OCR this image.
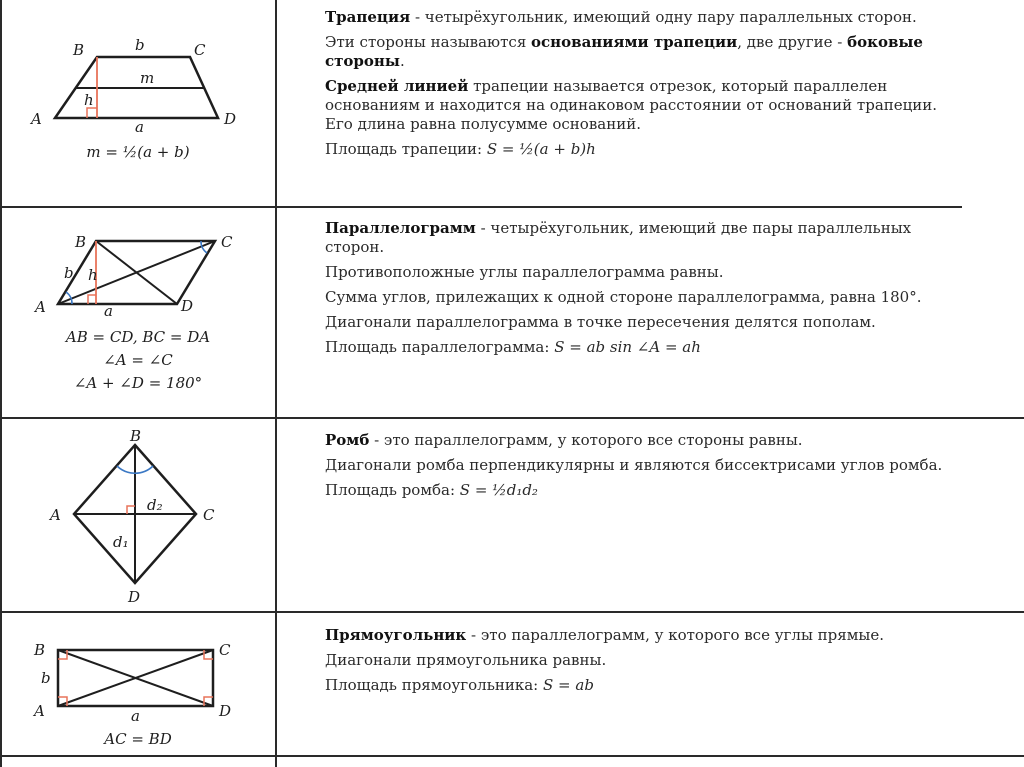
B	C
A	D
b
m
h
a
m = ½(a + b)

Трапеция - четырёхугольник, имеющий одну пару параллельных сторон.

Эти стороны называются основаниями трапеции, две другие - боковые стороны.

Средней линией трапеции называется отрезок, который параллелен основаниям и находится на одинаковом расстоянии от оснований трапеции. Его длина равна полусумме оснований.

Площадь трапеции: S = ½(a + b)h

B	C
A	D
b h
a
AB = CD, BC = DA
∠A = ∠C
∠A + ∠D = 180°

Параллелограмм - четырёхугольник, имеющий две пары параллельных сторон.

Противоположные углы параллелограмма равны.

Сумма углов, прилежащих к одной стороне параллелограмма, равна 180°.

Диагонали параллелограмма в точке пересечения делятся пополам.

Площадь параллелограмма: S = ab sin ∠A = ah

B
A	C
D
d₂
d₁

Ромб - это параллелограмм, у которого все стороны равны.

Диагонали ромба перпендикулярны и являются биссектрисами углов ромба.

Площадь ромба: S = ½d₁d₂

B	C
A	D
b
a
AC = BD

Прямоугольник - это параллелограмм, у которого все углы прямые.

Диагонали прямоугольника равны.

Площадь прямоугольника: S = ab
